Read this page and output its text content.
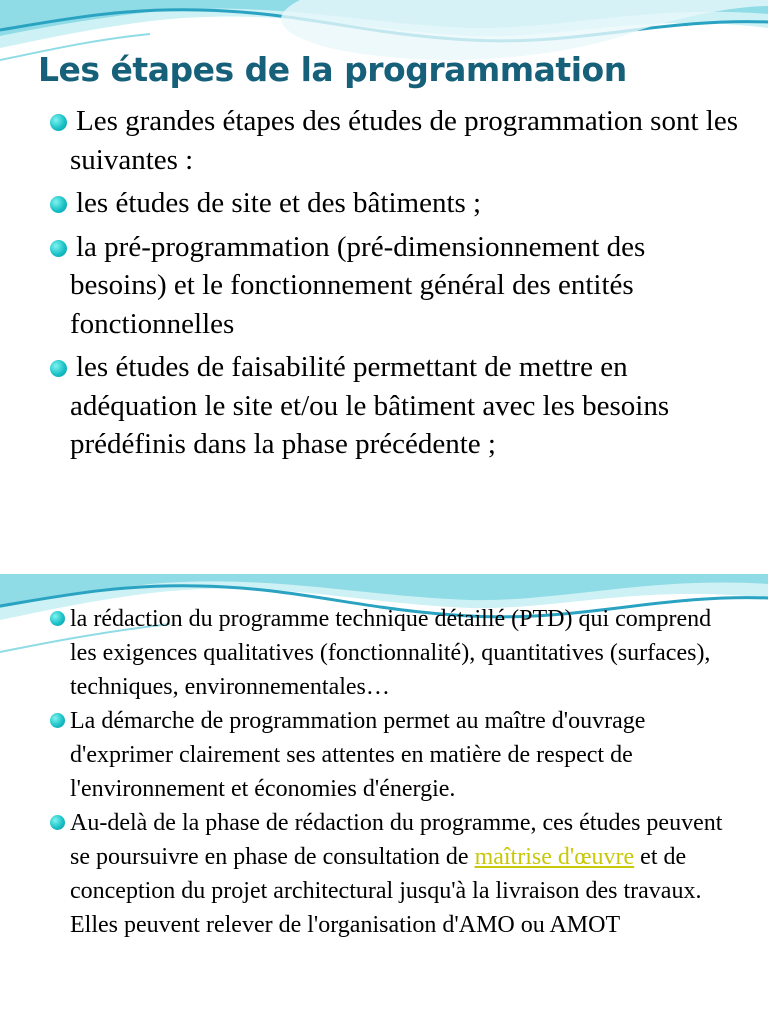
Les étapes de la programmation
Les grandes étapes des études de programmation sont les suivantes :
les études de site et des bâtiments ;
la pré-programmation (pré-dimensionnement des besoins) et le fonctionnement général des entités fonctionnelles
les études de faisabilité permettant de mettre en adéquation le site et/ou le bâtiment avec les besoins prédéfinis dans la phase précédente ;
la rédaction du programme technique détaillé (PTD) qui comprend les exigences qualitatives (fonctionnalité), quantitatives (surfaces), techniques, environnementales…
La démarche de programmation permet au maître d'ouvrage d'exprimer clairement ses attentes en matière de respect de l'environnement et économies d'énergie.
Au-delà de la phase de rédaction du programme, ces études peuvent se poursuivre en phase de consultation de maîtrise d'œuvre et de conception du projet architectural jusqu'à la livraison des travaux. Elles peuvent relever de l'organisation d'AMO ou AMOT
